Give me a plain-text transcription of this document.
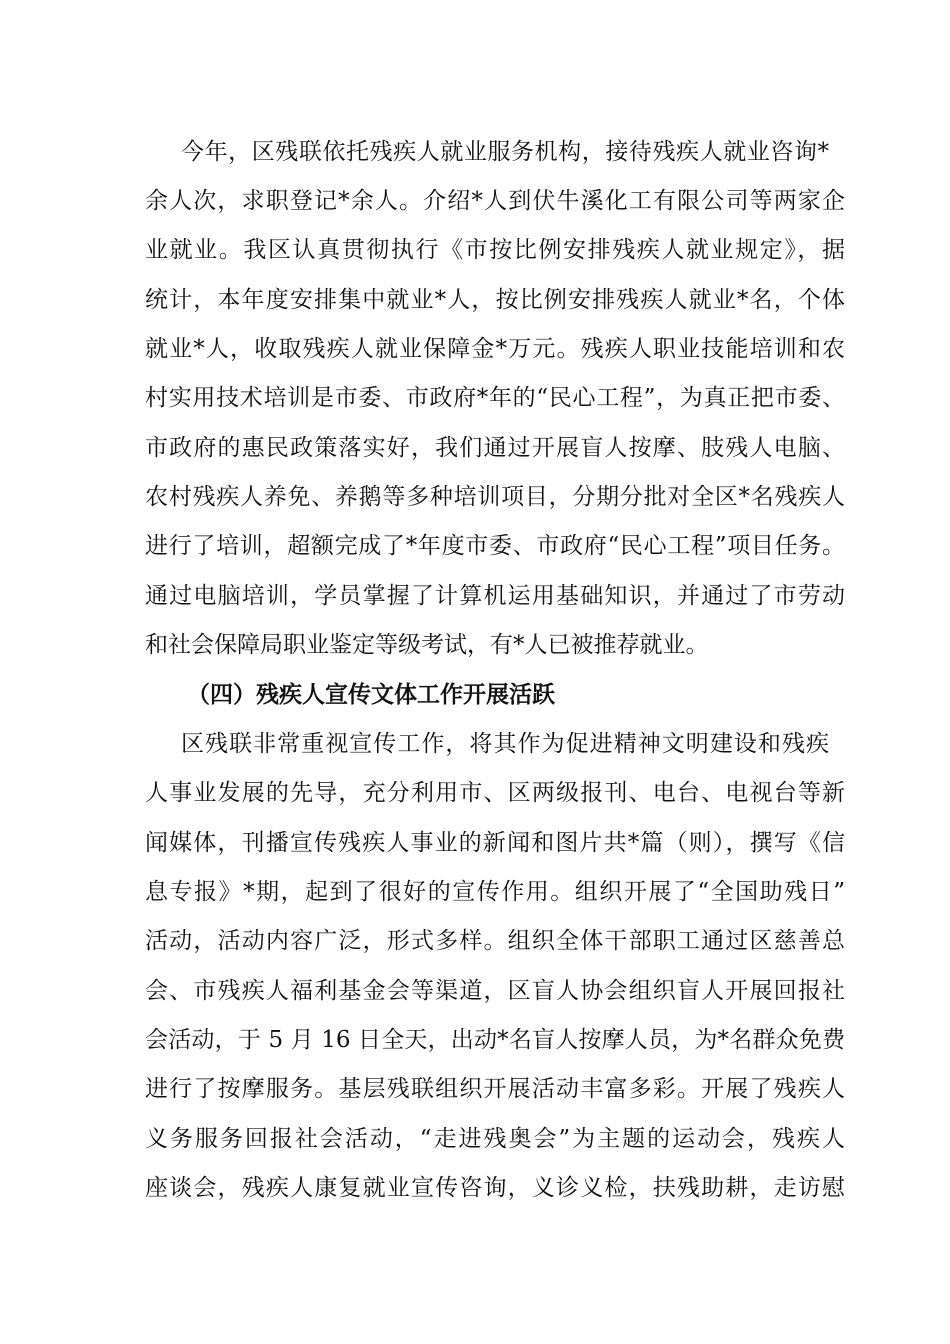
今年，区残联依托残疾人就业服务机构，接待残疾人就业咨询*
余人次，求职登记*余人。介绍*人到伏牛溪化工有限公司等两家企
业就业。我区认真贯彻执行《市按比例安排残疾人就业规定》，据
统计，本年度安排集中就业*人，按比例安排残疾人就业*名，个体
就业*人，收取残疾人就业保障金*万元。残疾人职业技能培训和农
村实用技术培训是市委、市政府*年的“民心工程”，为真正把市委、
市政府的惠民政策落实好，我们通过开展盲人按摩、肢残人电脑、
农村残疾人养免、养鹅等多种培训项目，分期分批对全区*名残疾人
进行了培训，超额完成了*年度市委、市政府“民心工程”项目任务。
通过电脑培训，学员掌握了计算机运用基础知识，并通过了市劳动
和社会保障局职业鉴定等级考试，有*人已被推荐就业。
（四）残疾人宣传文体工作开展活跃
区残联非常重视宣传工作，将其作为促进精神文明建设和残疾
人事业发展的先导，充分利用市、区两级报刊、电台、电视台等新
闻媒体，刊播宣传残疾人事业的新闻和图片共*篇（则），撰写《信
息专报》*期，起到了很好的宣传作用。组织开展了“全国助残日”
活动，活动内容广泛，形式多样。组织全体干部职工通过区慈善总
会、市残疾人福利基金会等渠道，区盲人协会组织盲人开展回报社
会活动，于 5 月 16 日全天，出动*名盲人按摩人员，为*名群众免费
进行了按摩服务。基层残联组织开展活动丰富多彩。开展了残疾人
义务服务回报社会活动，“走进残奥会”为主题的运动会，残疾人
座谈会，残疾人康复就业宣传咨询，义诊义检，扶残助耕，走访慰
